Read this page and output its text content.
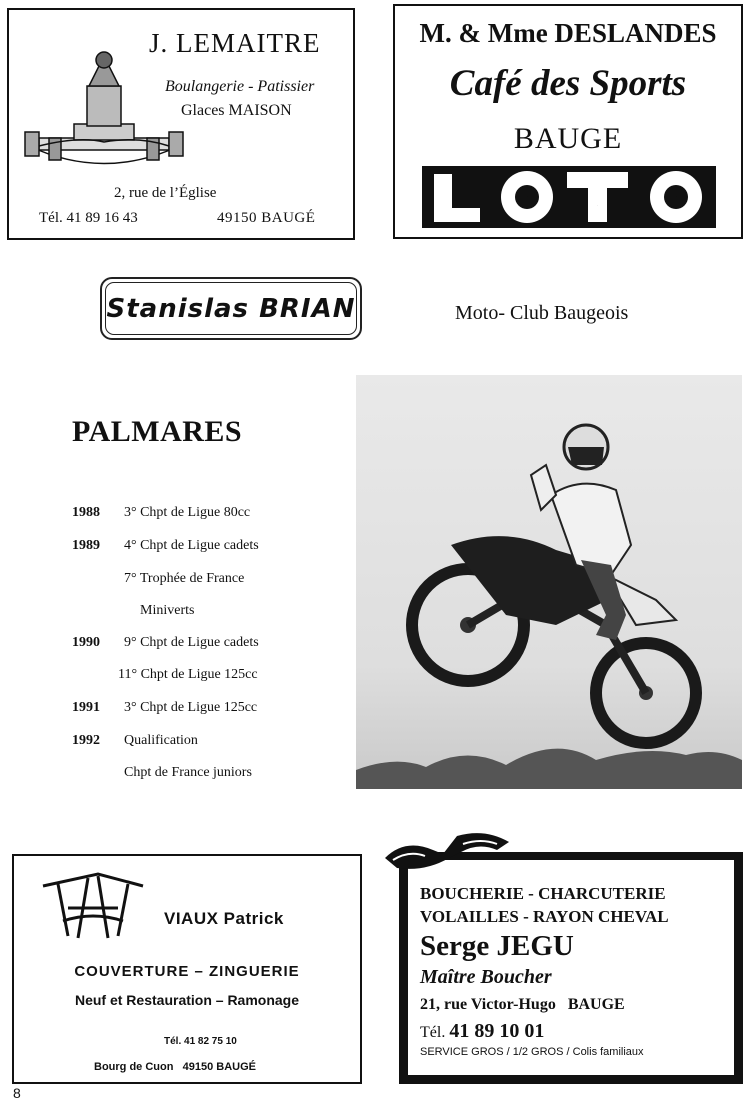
J. LEMAITRE
Boulangerie - Patissier
Glaces MAISON
2, rue de l’Église
Tél. 41 89 16 43	49150 BAUGÉ
M. & Mme DESLANDES
Café des Sports
BAUGE
L
O
T
O
Stanislas BRIAN	Moto- Club Baugeois
PALMARES
1988 3° Chpt de Ligue 80cc
1989 4° Chpt de Ligue cadets
7° Trophée de France
Miniverts
1990 9° Chpt de Ligue cadets
11° Chpt de Ligue 125cc
1991 3° Chpt de Ligue 125cc
1992 Qualification
Chpt de France juniors
VIAUX Patrick
COUVERTURE – ZINGUERIE
Neuf et Restauration – Ramonage
Tél. 41 82 75 10
Bourg de Cuon   49150 BAUGÉ
BOUCHERIE - CHARCUTERIE
VOLAILLES - RAYON CHEVAL
Serge JEGU
Maître Boucher
21, rue Victor-Hugo   BAUGE
Tél. 41 89 10 01
SERVICE GROS / 1/2 GROS / Colis familiaux
8
